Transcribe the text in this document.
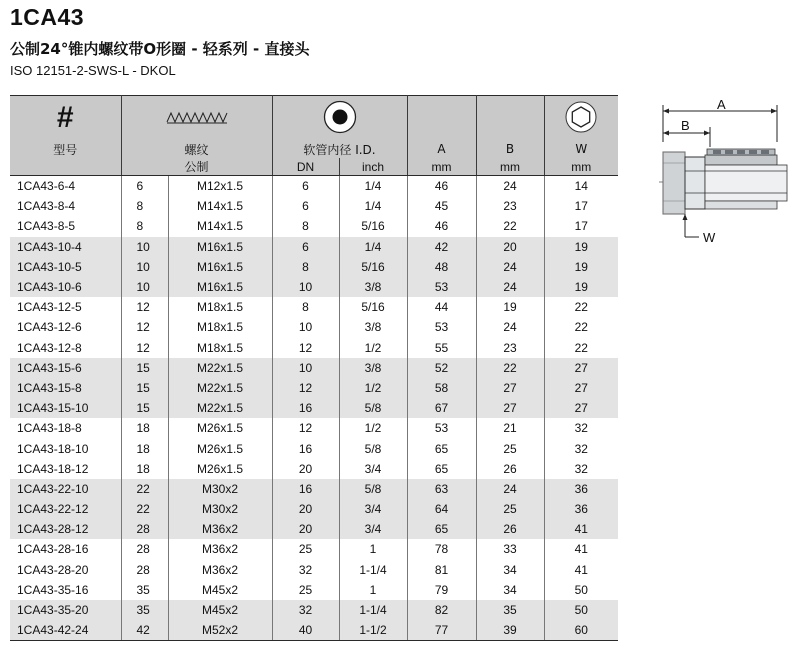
1CA43
公制24°锥内螺纹带O形圈 - 轻系列 - 直接头
ISO 12151-2-SWS-L - DKOL
#					
型号	螺纹		软管内径 I.D.		A	B	W
	公制		DN	inch	mm	mm	mm
1CA43-6-4	6	M12x1.5	6	1/4	46	24	14
1CA43-8-4	8	M14x1.5	6	1/4	45	23	17
1CA43-8-5	8	M14x1.5	8	5/16	46	22	17
1CA43-10-4	10	M16x1.5	6	1/4	42	20	19
1CA43-10-5	10	M16x1.5	8	5/16	48	24	19
1CA43-10-6	10	M16x1.5	10	3/8	53	24	19
1CA43-12-5	12	M18x1.5	8	5/16	44	19	22
1CA43-12-6	12	M18x1.5	10	3/8	53	24	22
1CA43-12-8	12	M18x1.5	12	1/2	55	23	22
1CA43-15-6	15	M22x1.5	10	3/8	52	22	27
1CA43-15-8	15	M22x1.5	12	1/2	58	27	27
1CA43-15-10	15	M22x1.5	16	5/8	67	27	27
1CA43-18-8	18	M26x1.5	12	1/2	53	21	32
1CA43-18-10	18	M26x1.5	16	5/8	65	25	32
1CA43-18-12	18	M26x1.5	20	3/4	65	26	32
1CA43-22-10	22	M30x2	16	5/8	63	24	36
1CA43-22-12	22	M30x2	20	3/4	64	25	36
1CA43-28-12	28	M36x2	20	3/4	65	26	41
1CA43-28-16	28	M36x2	25	1	78	33	41
1CA43-28-20	28	M36x2	32	1-1/4	81	34	41
1CA43-35-16	35	M45x2	25	1	79	34	50
1CA43-35-20	35	M45x2	32	1-1/4	82	35	50
1CA43-42-24	42	M52x2	40	1-1/2	77	39	60
A
B
W
